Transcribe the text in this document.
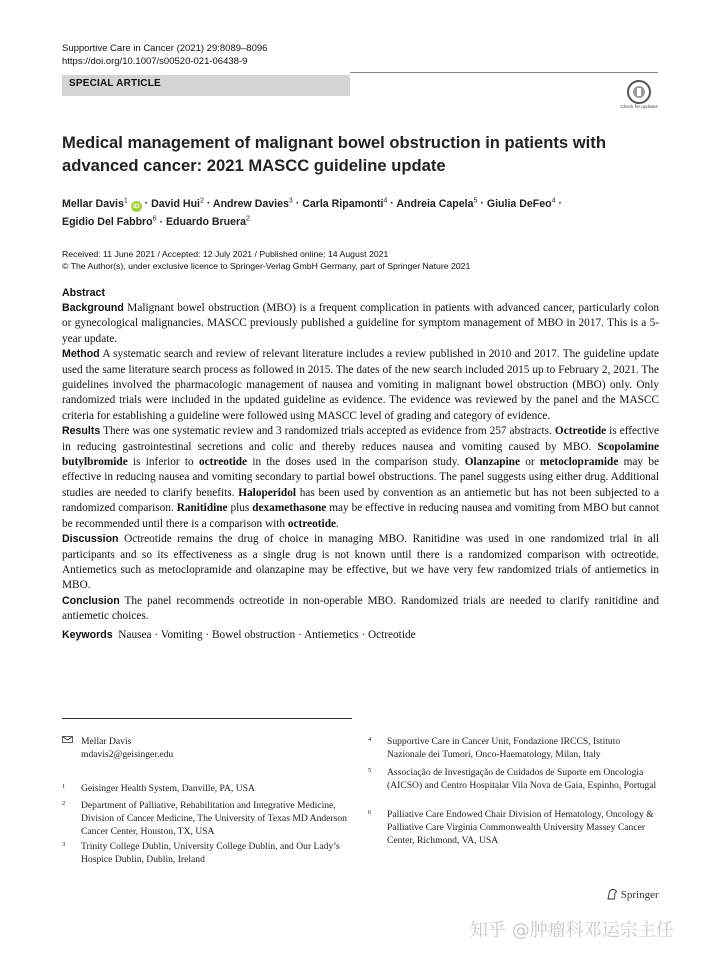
Supportive Care in Cancer (2021) 29:8089–8096
https://doi.org/10.1007/s00520-021-06438-9
SPECIAL ARTICLE
Check for updates
Medical management of malignant bowel obstruction in patients with advanced cancer: 2021 MASCC guideline update
Mellar Davis$^1$ iD · David Hui$^2$ · Andrew Davies$^3$ · Carla Ripamonti$^4$ · Andreia Capela$^5$ · Giulia DeFeo$^4$ ·
Egidio Del Fabbro$^6$ · Eduardo Bruera$^2$
Received: 11 June 2021 / Accepted: 12 July 2021 / Published online: 14 August 2021
© The Author(s), under exclusive licence to Springer-Verlag GmbH Germany, part of Springer Nature 2021
Abstract

Background Malignant bowel obstruction (MBO) is a frequent complication in patients with advanced cancer, particularly colon or gynecological malignancies. MASCC previously published a guideline for symptom management of MBO in 2017. This is a 5-year update.

Method A systematic search and review of relevant literature includes a review published in 2010 and 2017. The guideline update used the same literature search process as followed in 2015. The dates of the new search included 2015 up to February 2, 2021. The guidelines involved the pharmacologic management of nausea and vomiting in malignant bowel obstruction (MBO) only. Only randomized trials were included in the updated guideline as evidence. The evidence was reviewed by the panel and the MASCC criteria for establishing a guideline were followed using MASCC level of grading and category of evidence.

Results There was one systematic review and 3 randomized trials accepted as evidence from 257 abstracts. Octreotide is effective in reducing gastrointestinal secretions and colic and thereby reduces nausea and vomiting caused by MBO. Scopolamine butylbromide is inferior to octreotide in the doses used in the comparison study. Olanzapine or metoclopramide may be effective in reducing nausea and vomiting secondary to partial bowel obstructions. The panel suggests using either drug. Additional studies are needed to clarify benefits. Haloperidol has been used by convention as an antiemetic but has not been subjected to a randomized comparison. Ranitidine plus dexamethasone may be effective in reducing nausea and vomiting from MBO but cannot be recommended until there is a comparison with octreotide.

Discussion Octreotide remains the drug of choice in managing MBO. Ranitidine was used in one randomized trial in all participants and so its effectiveness as a single drug is not known until there is a randomized comparison with octreotide. Antiemetics such as metoclopramide and olanzapine may be effective, but we have very few randomized trials of antiemetics in MBO.

Conclusion The panel recommends octreotide in non-operable MBO. Randomized trials are needed to clarify ranitidine and antiemetic choices.

Keywords Nausea · Vomiting · Bowel obstruction · Antiemetics · Octreotide
Mellar Davis
mdavis2@geisinger.edu
1 Geisinger Health System, Danville, PA, USA
2 Department of Palliative, Rehabilitation and Integrative Medicine, Division of Cancer Medicine, The University of Texas MD Anderson Cancer Center, Houston, TX, USA
3 Trinity College Dublin, University College Dublin, and Our Lady’s Hospice Dublin, Dublin, Ireland
4 Supportive Care in Cancer Unit, Fondazione IRCCS, Istituto Nazionale dei Tumori, Onco-Haematology, Milan, Italy
5 Associação de Investigação de Cuidados de Suporte em Oncologia (AICSO) and Centro Hospitalar Vila Nova de Gaia, Espinho, Portugal
6 Palliative Care Endowed Chair Division of Hematology, Oncology & Palliative Care Virginia Commonwealth University Massey Cancer Center, Richmond, VA, USA
Springer
知乎 @肿瘤科邓运宗主任
